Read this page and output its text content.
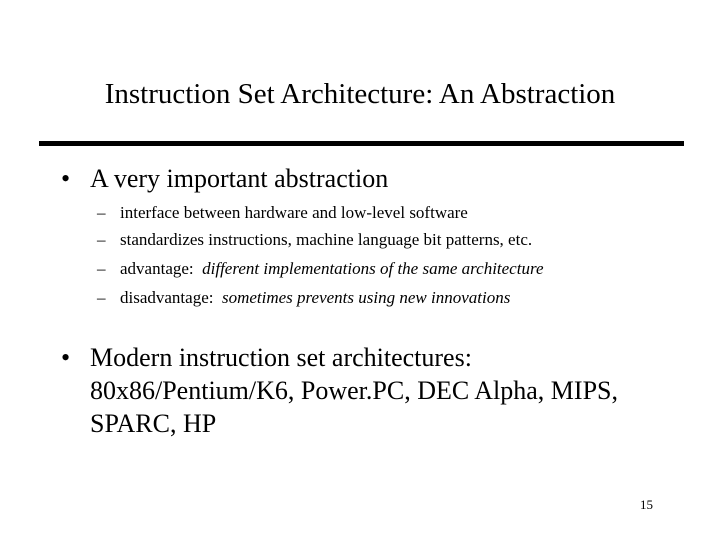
Instruction Set Architecture: An Abstraction
• A very important abstraction
– interface between hardware and low-level software
– standardizes instructions, machine language bit patterns, etc.
– advantage:  different implementations of the same architecture
– disadvantage:  sometimes prevents using new innovations
• Modern instruction set architectures:
80x86/Pentium/K6, Power.PC, DEC Alpha, MIPS,
SPARC, HP
15
